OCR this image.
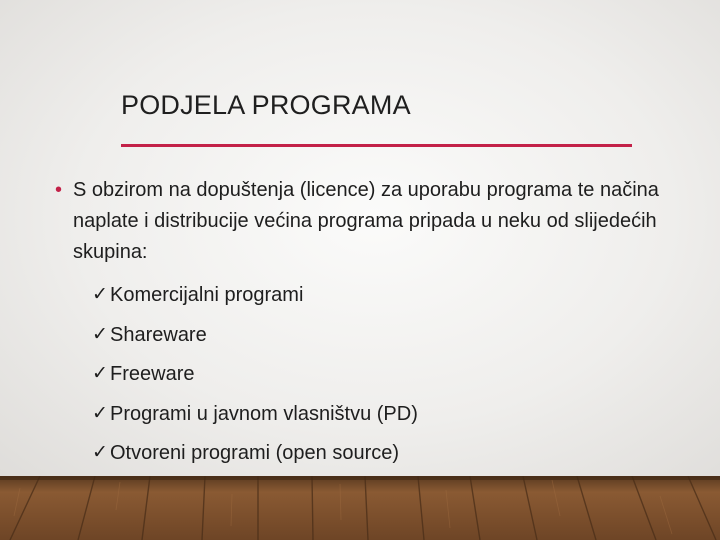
PODJELA PROGRAMA
• S obzirom na dopuštenja (licence) za uporabu programa te načina naplate i distribucije većina programa pripada u neku od slijedećih skupina:
✓ Komercijalni programi
✓ Shareware
✓ Freeware
✓ Programi u javnom vlasništvu (PD)
✓ Otvoreni programi (open source)
